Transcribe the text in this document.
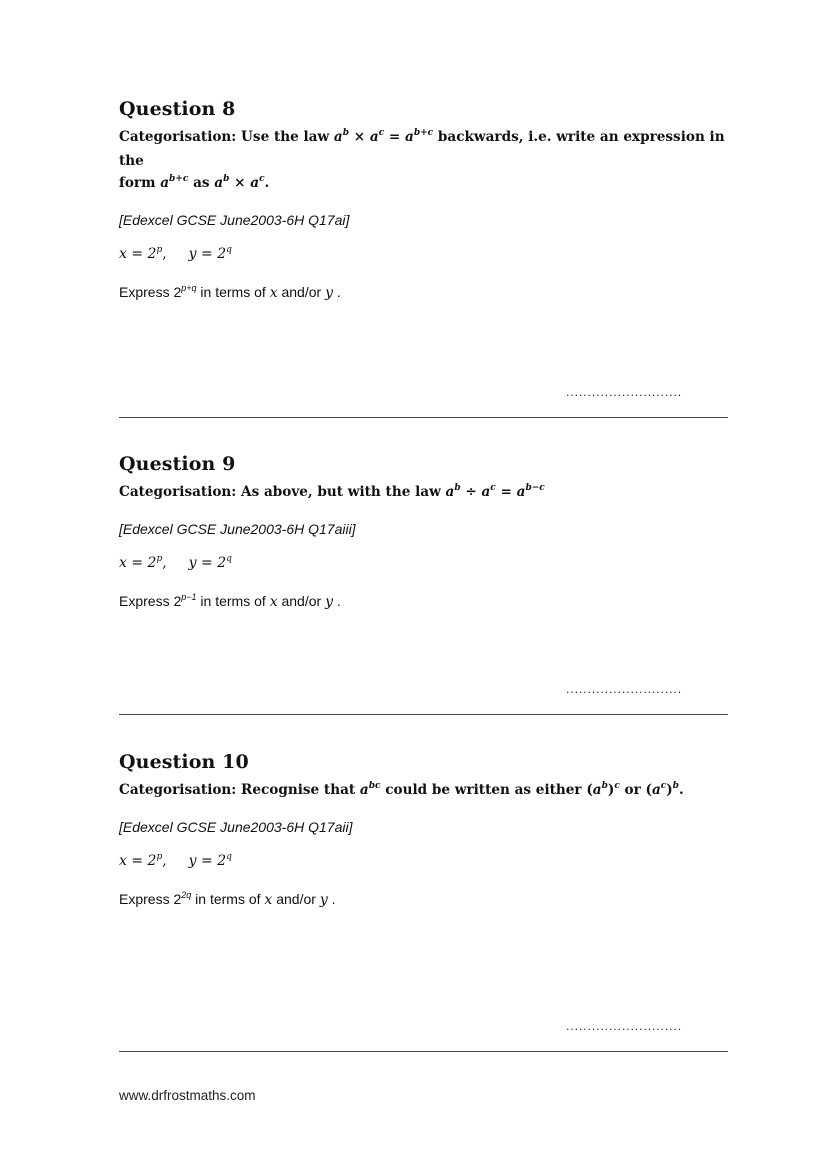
Question 8

Categorisation: Use the law $a^b \times a^c = a^{b+c}$ backwards, i.e. write an expression in the
form $a^{b+c}$ as $a^b \times a^c$.

[Edexcel GCSE June2003-6H Q17ai]
$x = 2^p$, $y = 2^q$
Express $2^{p+q}$ in terms of x and/or y .
...........................
Question 9

Categorisation: As above, but with the law $a^b \div a^c = a^{b-c}$

[Edexcel GCSE June2003-6H Q17aiii]
$x = 2^p$, $y = 2^q$
Express $2^{p-1}$ in terms of x and/or y .
...........................
Question 10

Categorisation: Recognise that $a^{bc}$ could be written as either $(a^b)^c$ or $(a^c)^b$.

[Edexcel GCSE June2003-6H Q17aii]
$x = 2^p$, $y = 2^q$
Express $2^{2q}$ in terms of x and/or y .
...........................
www.drfrostmaths.com
